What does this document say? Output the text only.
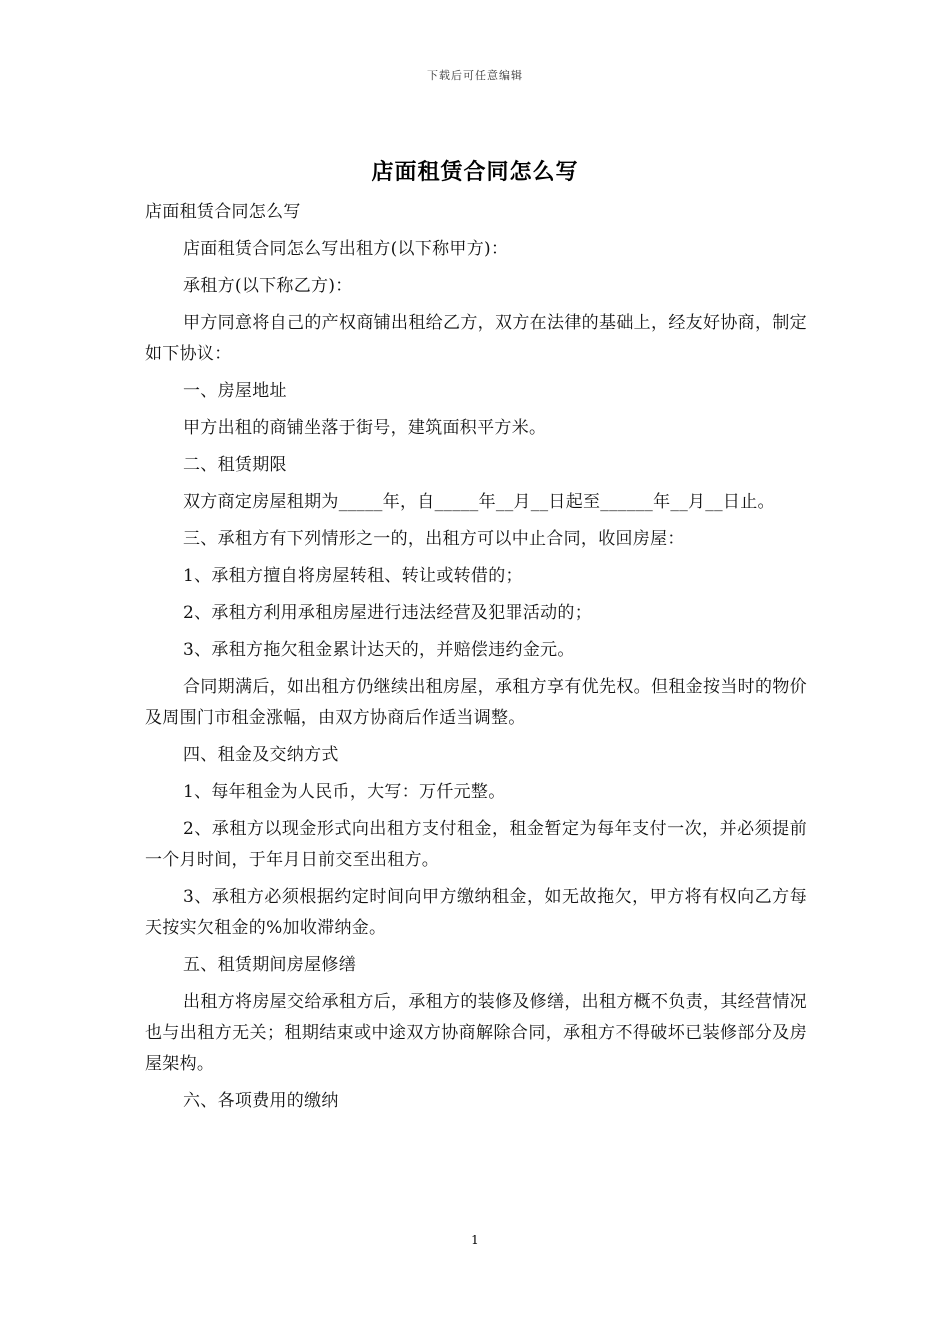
下载后可任意编辑
店面租赁合同怎么写

店面租赁合同怎么写

店面租赁合同怎么写出租方(以下称甲方)：

承租方(以下称乙方)：

甲方同意将自己的产权商铺出租给乙方，双方在法律的基础上，经友好协商，制定如下协议：

一、房屋地址

甲方出租的商铺坐落于街号，建筑面积平方米。

二、租赁期限

双方商定房屋租期为_____年，自_____年__月__日起至______年__月__日止。

三、承租方有下列情形之一的，出租方可以中止合同，收回房屋：

1、承租方擅自将房屋转租、转让或转借的；

2、承租方利用承租房屋进行违法经营及犯罪活动的；

3、承租方拖欠租金累计达天的，并赔偿违约金元。

合同期满后，如出租方仍继续出租房屋，承租方享有优先权。但租金按当时的物价及周围门市租金涨幅，由双方协商后作适当调整。

四、租金及交纳方式

1、每年租金为人民币，大写：万仟元整。

2、承租方以现金形式向出租方支付租金，租金暂定为每年支付一次，并必须提前一个月时间，于年月日前交至出租方。

3、承租方必须根据约定时间向甲方缴纳租金，如无故拖欠，甲方将有权向乙方每天按实欠租金的%加收滞纳金。

五、租赁期间房屋修缮

出租方将房屋交给承租方后，承租方的装修及修缮，出租方概不负责，其经营情况也与出租方无关；租期结束或中途双方协商解除合同，承租方不得破坏已装修部分及房屋架构。

六、各项费用的缴纳

1
